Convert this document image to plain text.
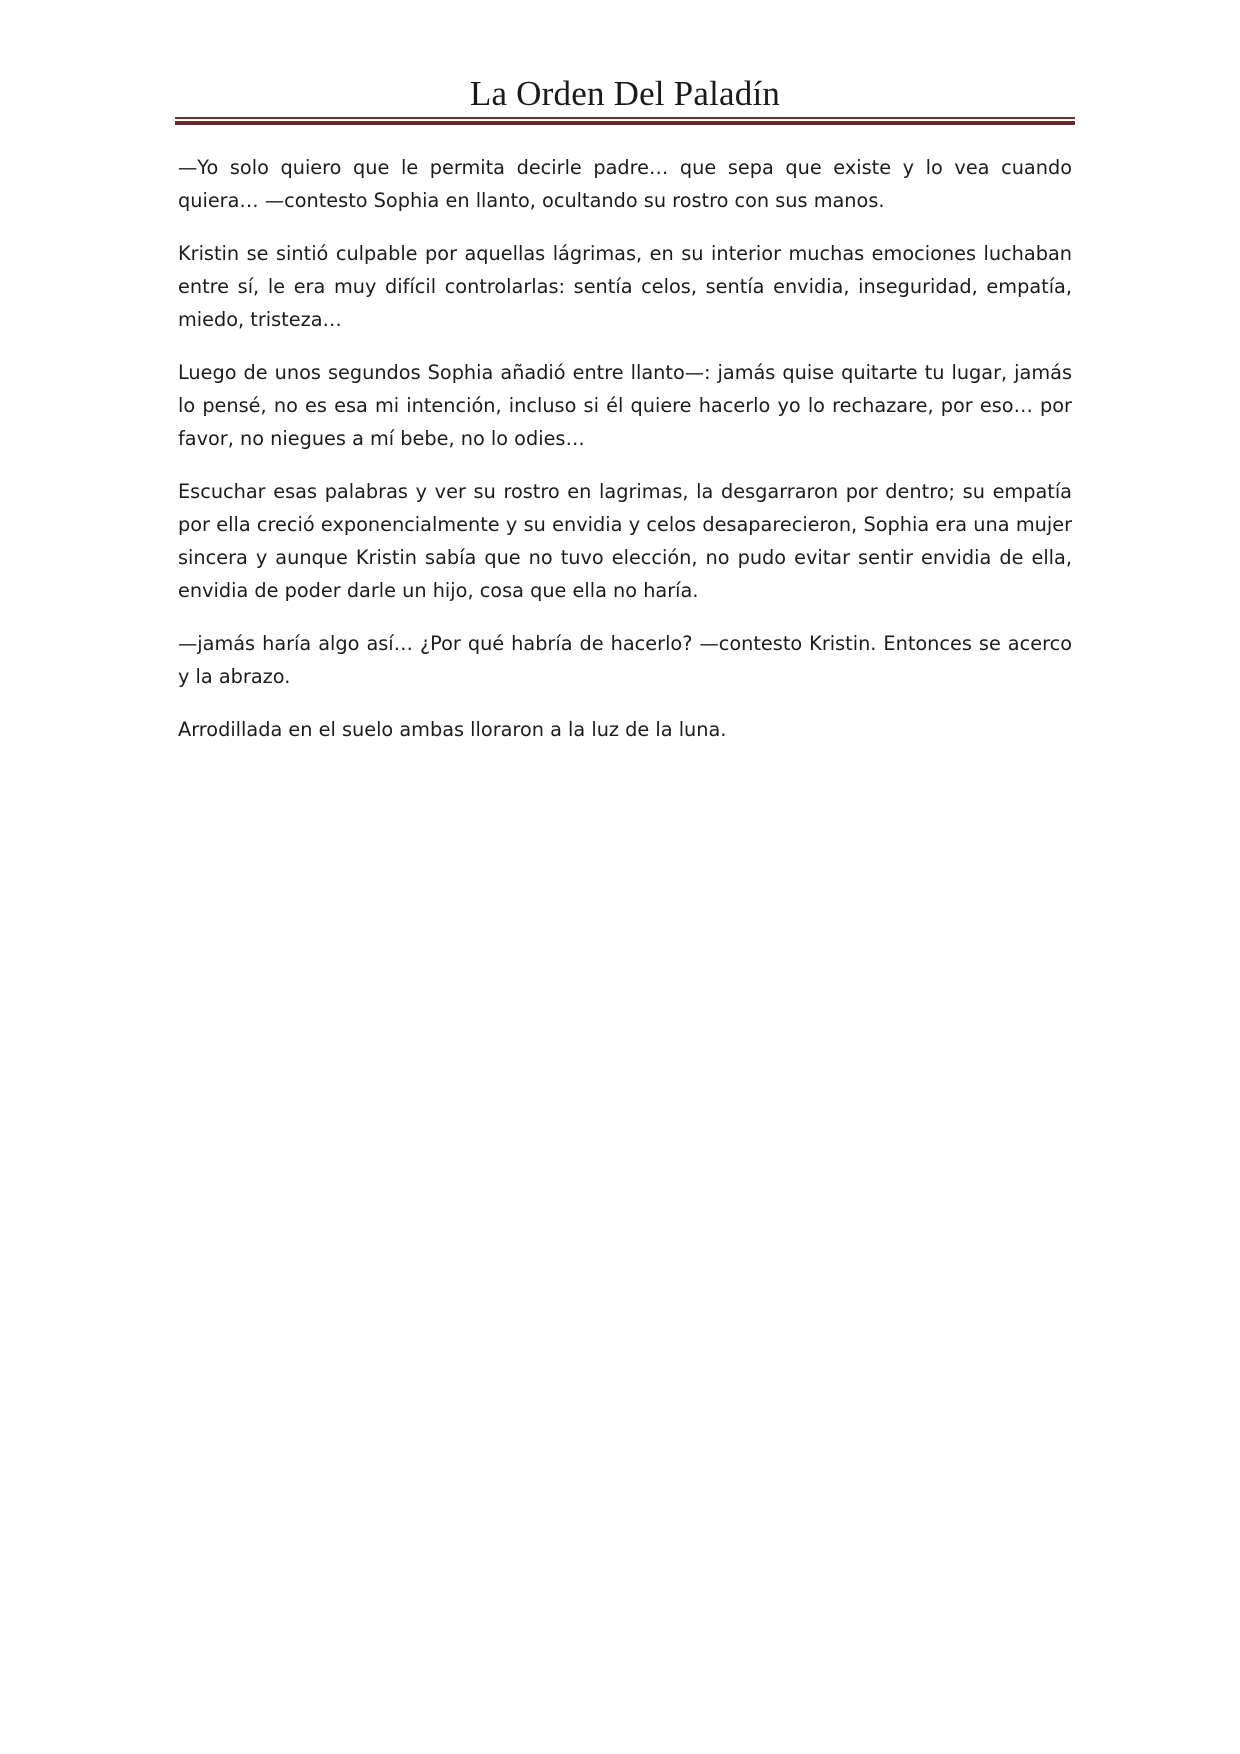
La Orden Del Paladín

—Yo solo quiero que le permita decirle padre… que sepa que existe y lo vea cuando quiera… —contesto Sophia en llanto, ocultando su rostro con sus manos.

Kristin se sintió culpable por aquellas lágrimas, en su interior muchas emociones luchaban entre sí, le era muy difícil controlarlas: sentía celos, sentía envidia, inseguridad, empatía, miedo, tristeza…

Luego de unos segundos Sophia añadió entre llanto—: jamás quise quitarte tu lugar, jamás lo pensé, no es esa mi intención, incluso si él quiere hacerlo yo lo rechazare, por eso… por favor, no niegues a mí bebe, no lo odies…

Escuchar esas palabras y ver su rostro en lagrimas, la desgarraron por dentro; su empatía por ella creció exponencialmente y su envidia y celos desaparecieron, Sophia era una mujer sincera y aunque Kristin sabía que no tuvo elección, no pudo evitar sentir envidia de ella, envidia de poder darle un hijo, cosa que ella no haría.

—jamás haría algo así… ¿Por qué habría de hacerlo? —contesto Kristin. Entonces se acerco y la abrazo.

Arrodillada en el suelo ambas lloraron a la luz de la luna.
